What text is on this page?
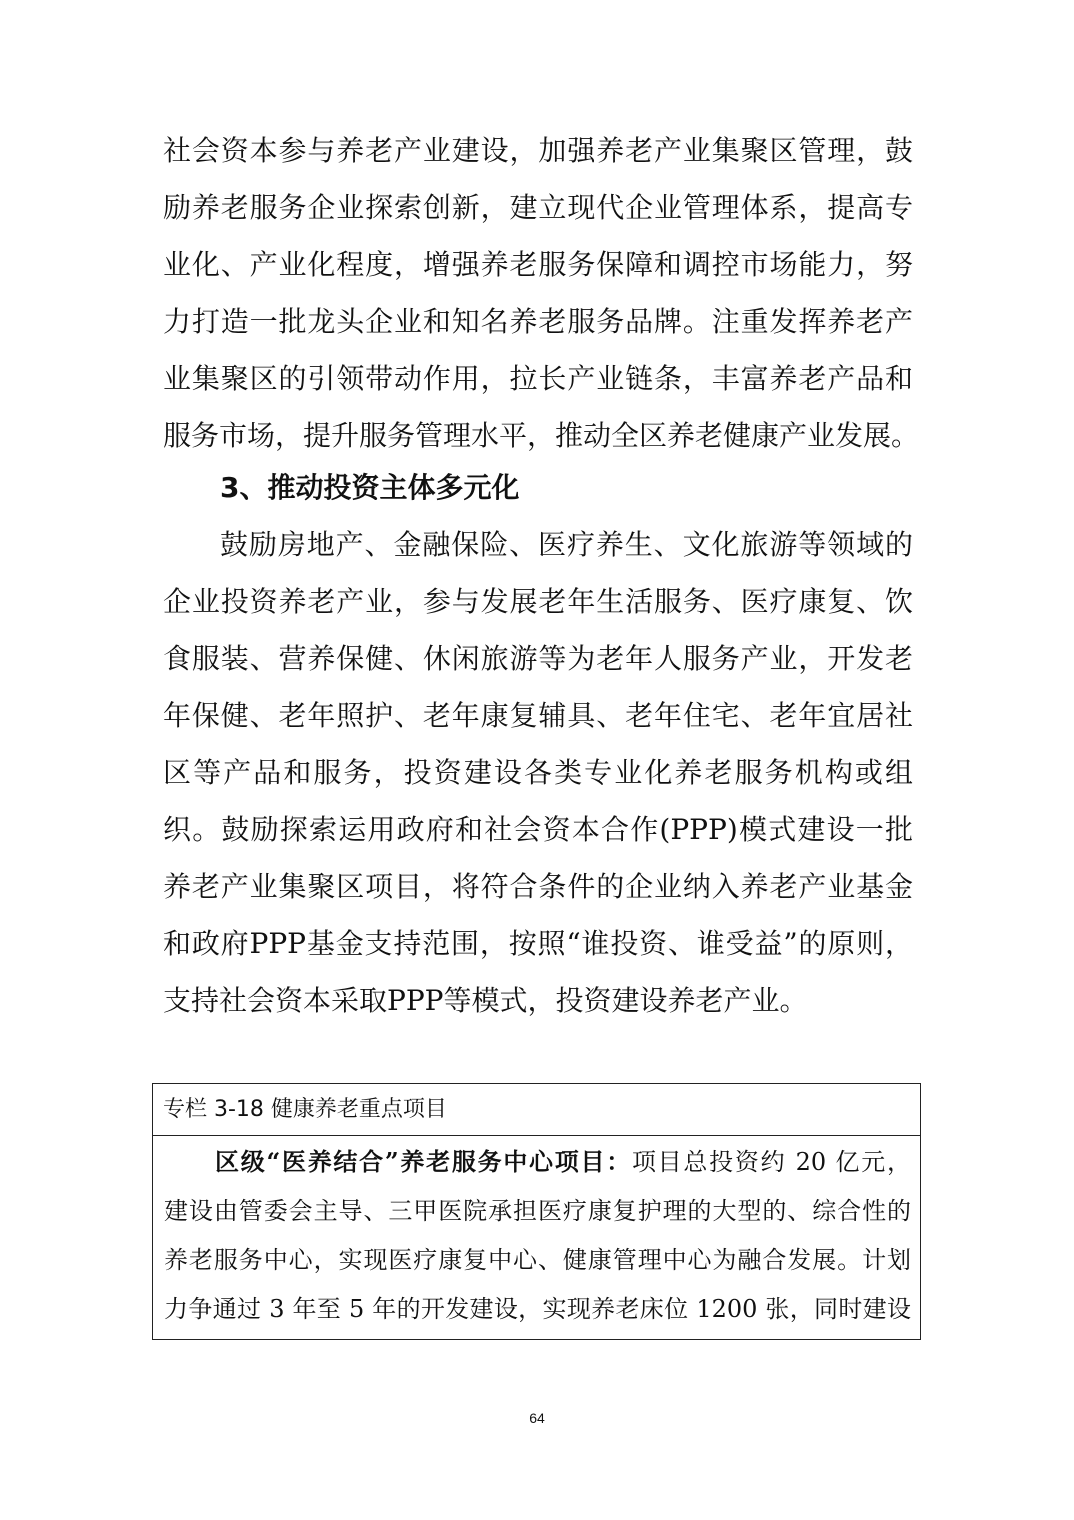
社会资本参与养老产业建设，加强养老产业集聚区管理，鼓
励养老服务企业探索创新，建立现代企业管理体系，提高专
业化、产业化程度，增强养老服务保障和调控市场能力，努
力打造一批龙头企业和知名养老服务品牌。注重发挥养老产
业集聚区的引领带动作用，拉长产业链条，丰富养老产品和
服务市场，提升服务管理水平，推动全区养老健康产业发展。
3、推动投资主体多元化
鼓励房地产、金融保险、医疗养生、文化旅游等领域的
企业投资养老产业，参与发展老年生活服务、医疗康复、饮
食服装、营养保健、休闲旅游等为老年人服务产业，开发老
年保健、老年照护、老年康复辅具、老年住宅、老年宜居社
区等产品和服务，投资建设各类专业化养老服务机构或组
织。鼓励探索运用政府和社会资本合作(PPP)模式建设一批
养老产业集聚区项目，将符合条件的企业纳入养老产业基金
和政府PPP基金支持范围，按照“谁投资、谁受益”的原则，
支持社会资本采取PPP等模式，投资建设养老产业。
专栏 3-18 健康养老重点项目
区级“医养结合”养老服务中心项目：项目总投资约 20 亿元，
建设由管委会主导、三甲医院承担医疗康复护理的大型的、综合性的
养老服务中心，实现医疗康复中心、健康管理中心为融合发展。计划
力争通过 3 年至 5 年的开发建设，实现养老床位 1200 张，同时建设
64
